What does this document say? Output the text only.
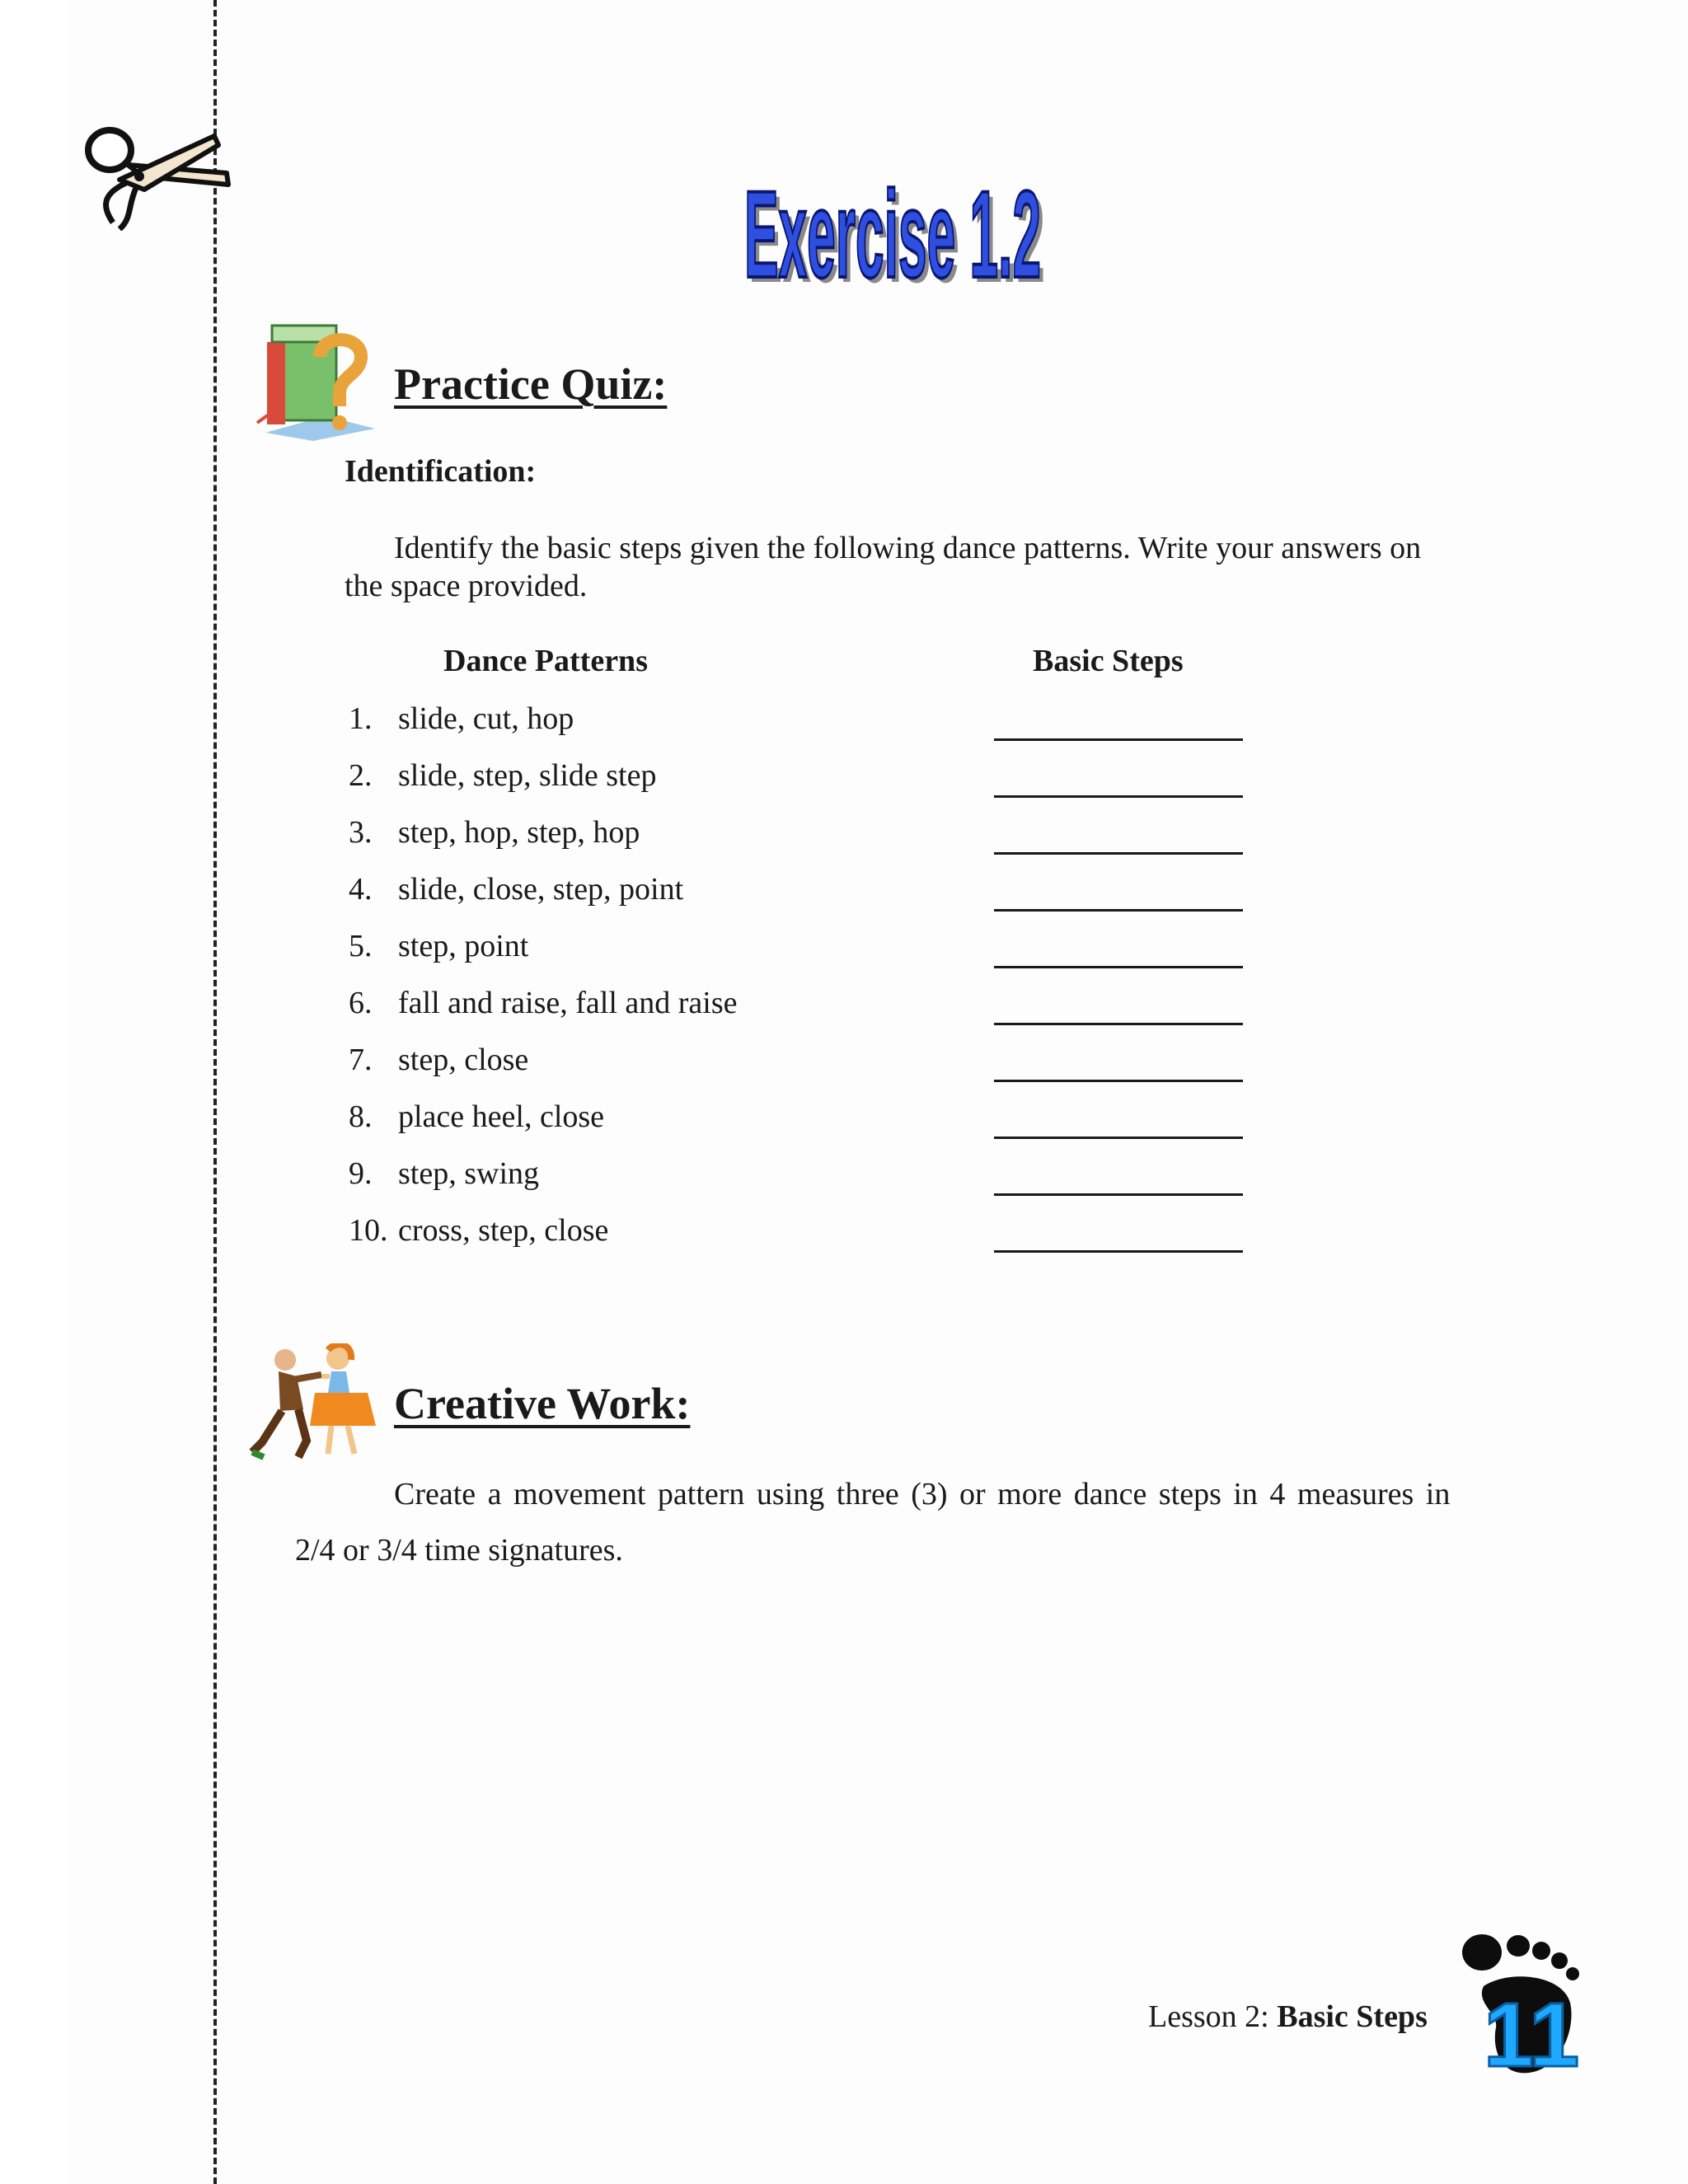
Exercise 1.2
Exercise 1.2
Practice Quiz:
Identification:
Identify the basic steps given the following dance patterns. Write your answers on
the space provided.
Dance Patterns	Basic Steps
1. slide, cut, hop
2. slide, step, slide step
3. step, hop, step, hop
4. slide, close, step, point
5. step, point
6. fall and raise, fall and raise
7. step, close
8. place heel, close
9. step, swing
10. cross, step, close
Creative Work:
Create a movement pattern using three (3) or more dance steps in 4 measures in
2/4 or 3/4 time signatures.
Lesson 2: Basic Steps 11
